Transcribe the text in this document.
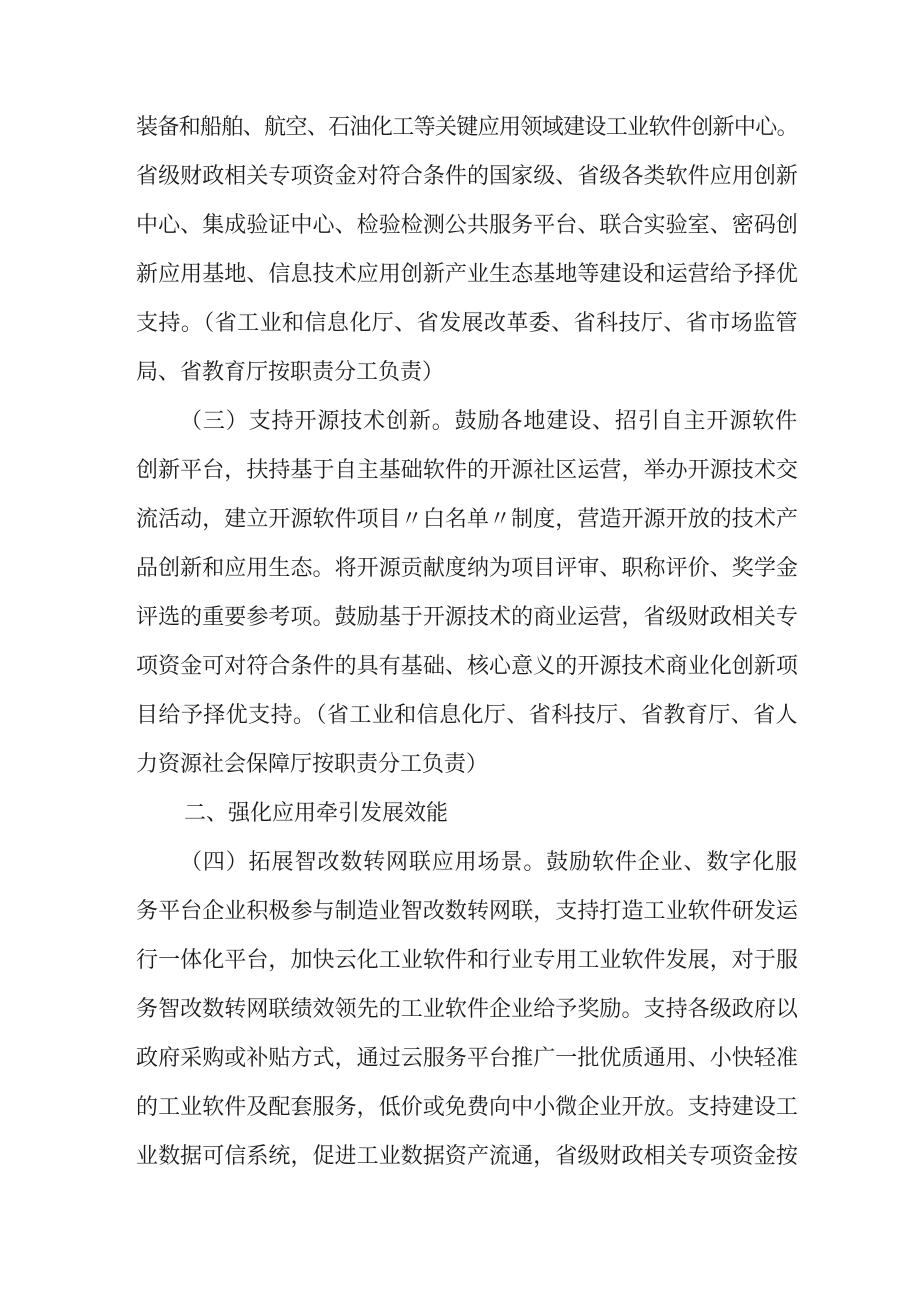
装备和船舶、航空、石油化工等关键应用领域建设工业软件创新中心。
省级财政相关专项资金对符合条件的国家级、省级各类软件应用创新
中心、集成验证中心、检验检测公共服务平台、联合实验室、密码创
新应用基地、信息技术应用创新产业生态基地等建设和运营给予择优
支持。（省工业和信息化厅、省发展改革委、省科技厅、省市场监管
局、省教育厅按职责分工负责）
（三）支持开源技术创新。鼓励各地建设、招引自主开源软件
创新平台，扶持基于自主基础软件的开源社区运营，举办开源技术交
流活动，建立开源软件项目〃白名单〃制度，营造开源开放的技术产
品创新和应用生态。将开源贡献度纳为项目评审、职称评价、奖学金
评选的重要参考项。鼓励基于开源技术的商业运营，省级财政相关专
项资金可对符合条件的具有基础、核心意义的开源技术商业化创新项
目给予择优支持。（省工业和信息化厅、省科技厅、省教育厅、省人
力资源社会保障厅按职责分工负责）
二、强化应用牵引发展效能
（四）拓展智改数转网联应用场景。鼓励软件企业、数字化服
务平台企业积极参与制造业智改数转网联，支持打造工业软件研发运
行一体化平台，加快云化工业软件和行业专用工业软件发展，对于服
务智改数转网联绩效领先的工业软件企业给予奖励。支持各级政府以
政府采购或补贴方式，通过云服务平台推广一批优质通用、小快轻准
的工业软件及配套服务，低价或免费向中小微企业开放。支持建设工
业数据可信系统，促进工业数据资产流通，省级财政相关专项资金按
